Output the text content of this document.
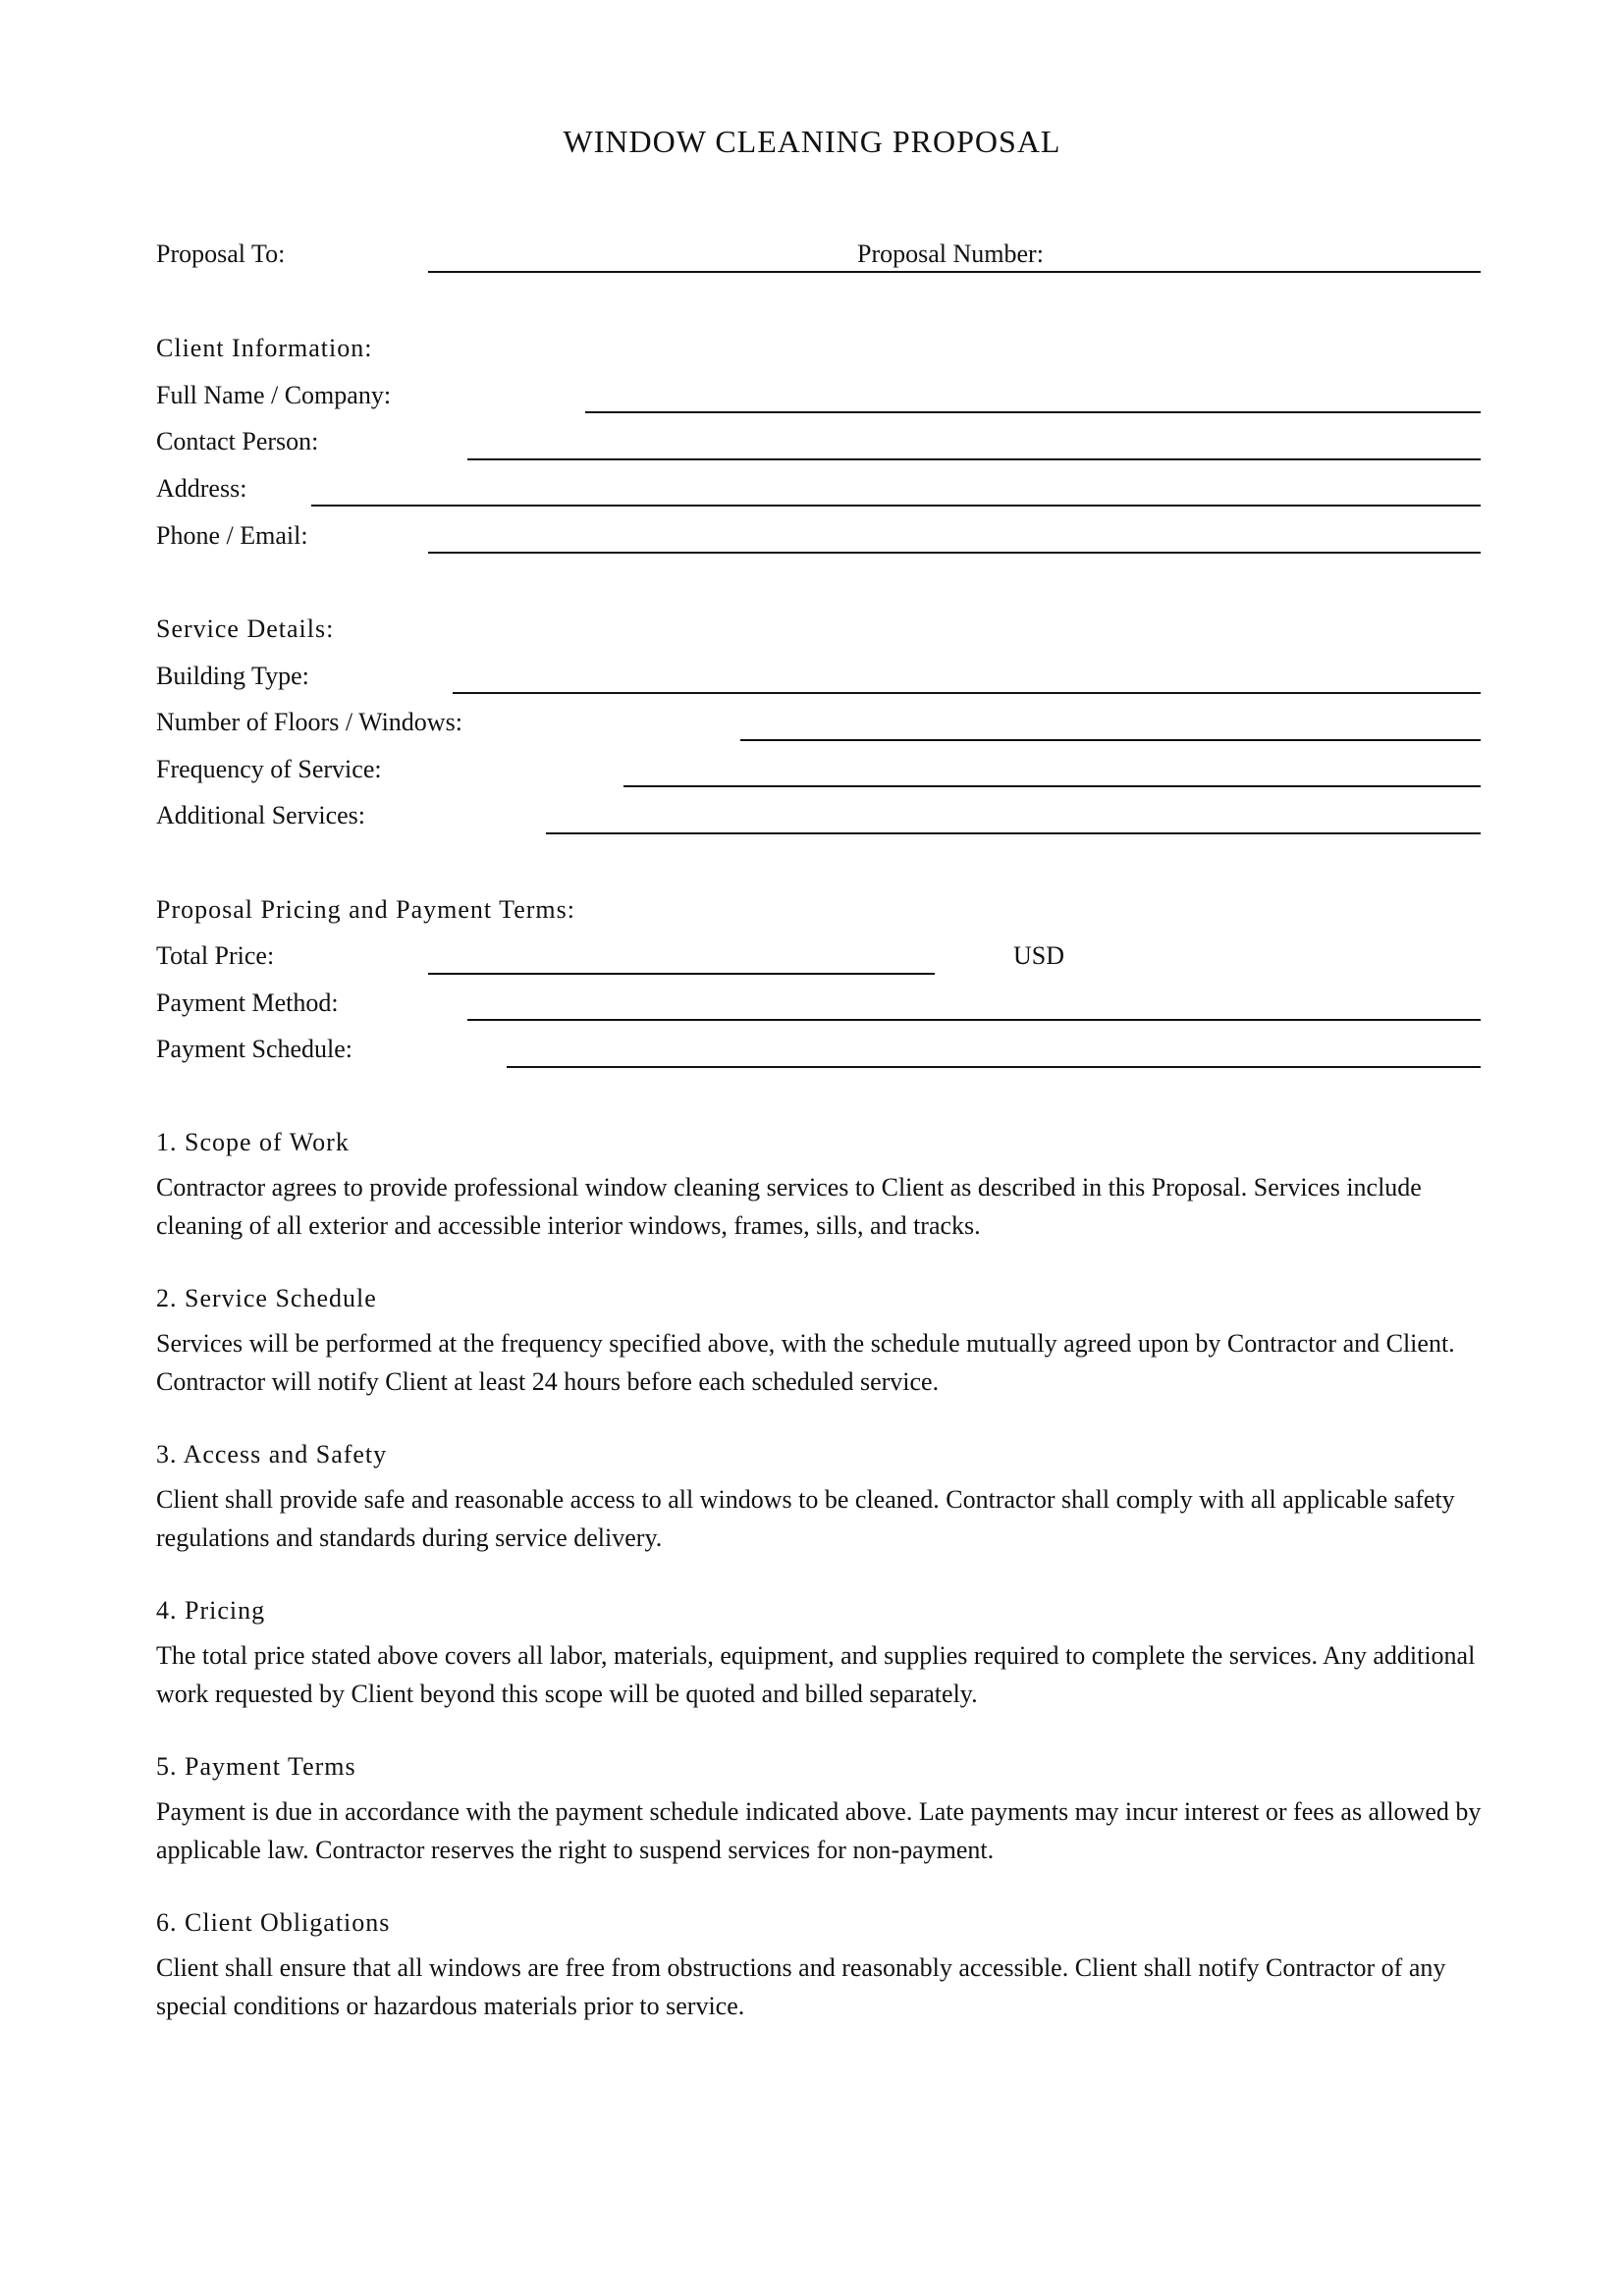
WINDOW CLEANING PROPOSAL
Proposal To:	Proposal Number:
Client Information:
Full Name / Company:
Contact Person:
Address:
Phone / Email:
Service Details:
Building Type:
Number of Floors / Windows:
Frequency of Service:
Additional Services:
Proposal Pricing and Payment Terms:
Total Price:	USD
Payment Method:
Payment Schedule:

1. Scope of Work

Contractor agrees to provide professional window cleaning services to Client as described in this Proposal. Services include cleaning of all exterior and accessible interior windows, frames, sills, and tracks.

2. Service Schedule

Services will be performed at the frequency specified above, with the schedule mutually agreed upon by Contractor and Client. Contractor will notify Client at least 24 hours before each scheduled service.

3. Access and Safety

Client shall provide safe and reasonable access to all windows to be cleaned. Contractor shall comply with all applicable safety regulations and standards during service delivery.

4. Pricing

The total price stated above covers all labor, materials, equipment, and supplies required to complete the services. Any additional work requested by Client beyond this scope will be quoted and billed separately.

5. Payment Terms

Payment is due in accordance with the payment schedule indicated above. Late payments may incur interest or fees as allowed by applicable law. Contractor reserves the right to suspend services for non-payment.

6. Client Obligations

Client shall ensure that all windows are free from obstructions and reasonably accessible. Client shall notify Contractor of any special conditions or hazardous materials prior to service.
